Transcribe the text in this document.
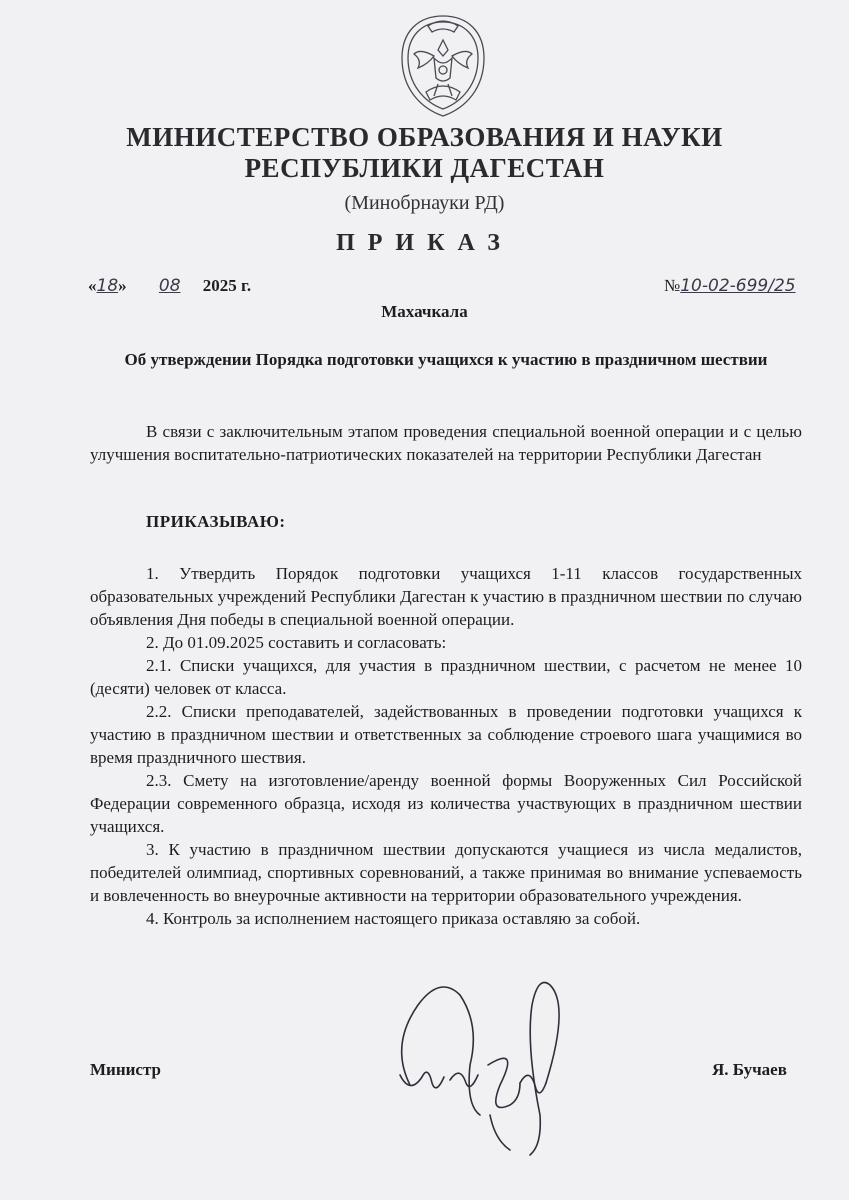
МИНИСТЕРСТВО ОБРАЗОВАНИЯ И НАУКИ
РЕСПУБЛИКИ ДАГЕСТАН
(Минобрнауки РД)
ПРИКАЗ
«18» 08 2025 г.	№10-02-699/25
Махачкала
Об утверждении Порядка подготовки учащихся к участию в праздничном шествии
В связи с заключительным этапом проведения специальной военной операции и с целью улучшения воспитательно-патриотических показателей на территории Республики Дагестан
ПРИКАЗЫВАЮ:

1. Утвердить Порядок подготовки учащихся 1-11 классов государственных образовательных учреждений Республики Дагестан к участию в праздничном шествии по случаю объявления Дня победы в специальной военной операции.

2. До 01.09.2025 составить и согласовать:

2.1. Списки учащихся, для участия в праздничном шествии, с расчетом не менее 10 (десяти) человек от класса.

2.2. Списки преподавателей, задействованных в проведении подготовки учащихся к участию в праздничном шествии и ответственных за соблюдение строевого шага учащимися во время праздничного шествия.

2.3. Смету на изготовление/аренду военной формы Вооруженных Сил Российской Федерации современного образца, исходя из количества участвующих в праздничном шествии учащихся.

3. К участию в праздничном шествии допускаются учащиеся из числа медалистов, победителей олимпиад, спортивных соревнований, а также принимая во внимание успеваемость и вовлеченность во внеурочные активности на территории образовательного учреждения.

4. Контроль за исполнением настоящего приказа оставляю за собой.

Министр	Я. Бучаев
